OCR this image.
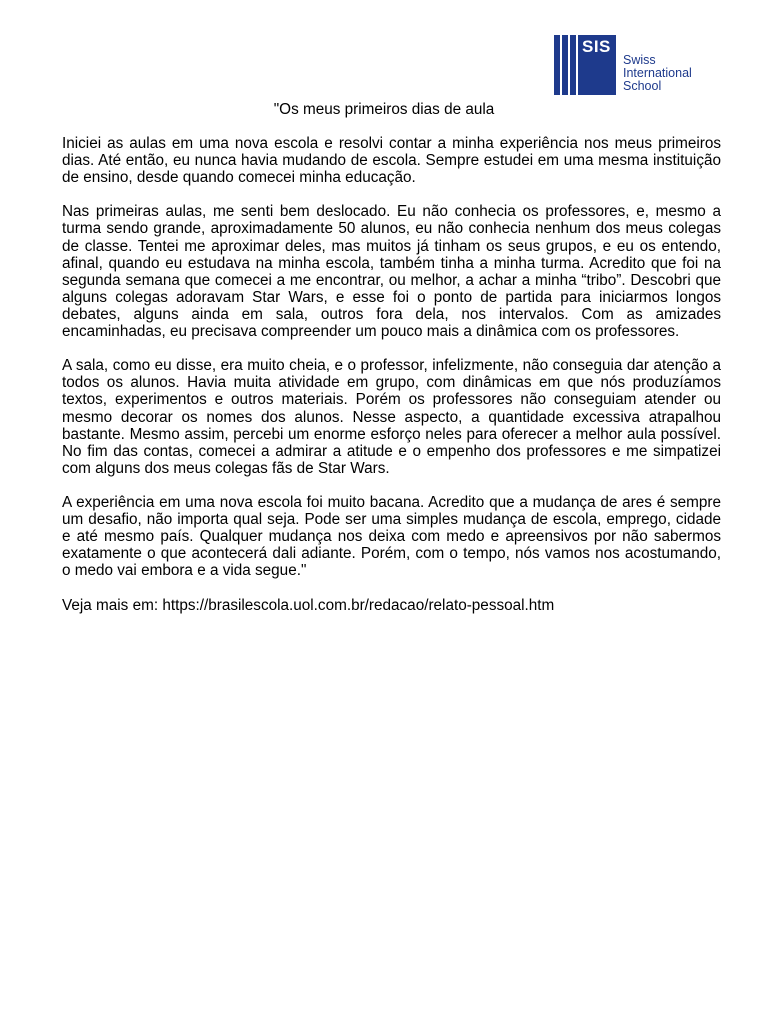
SIS
Swiss
International
School
"Os meus primeiros dias de aula

Iniciei as aulas em uma nova escola e resolvi contar a minha experiência nos meus primeiros dias. Até então, eu nunca havia mudando de escola. Sempre estudei em uma mesma instituição de ensino, desde quando comecei minha educação.

Nas primeiras aulas, me senti bem deslocado. Eu não conhecia os professores, e, mesmo a turma sendo grande, aproximadamente 50 alunos, eu não conhecia nenhum dos meus colegas de classe. Tentei me aproximar deles, mas muitos já tinham os seus grupos, e eu os entendo, afinal, quando eu estudava na minha escola, também tinha a minha turma. Acredito que foi na segunda semana que comecei a me encontrar, ou melhor, a achar a minha “tribo”. Descobri que alguns colegas adoravam Star Wars, e esse foi o ponto de partida para iniciarmos longos debates, alguns ainda em sala, outros fora dela, nos intervalos. Com as amizades encaminhadas, eu precisava compreender um pouco mais a dinâmica com os professores.

A sala, como eu disse, era muito cheia, e o professor, infelizmente, não conseguia dar atenção a todos os alunos. Havia muita atividade em grupo, com dinâmicas em que nós produzíamos textos, experimentos e outros materiais. Porém os professores não conseguiam atender ou mesmo decorar os nomes dos alunos. Nesse aspecto, a quantidade excessiva atrapalhou bastante. Mesmo assim, percebi um enorme esforço neles para oferecer a melhor aula possível. No fim das contas, comecei a admirar a atitude e o empenho dos professores e me simpatizei com alguns dos meus colegas fãs de Star Wars.

A experiência em uma nova escola foi muito bacana. Acredito que a mudança de ares é sempre um desafio, não importa qual seja. Pode ser uma simples mudança de escola, emprego, cidade e até mesmo país. Qualquer mudança nos deixa com medo e apreensivos por não sabermos exatamente o que acontecerá dali adiante. Porém, com o tempo, nós vamos nos acostumando, o medo vai embora e a vida segue."

Veja mais em: https://brasilescola.uol.com.br/redacao/relato-pessoal.htm
